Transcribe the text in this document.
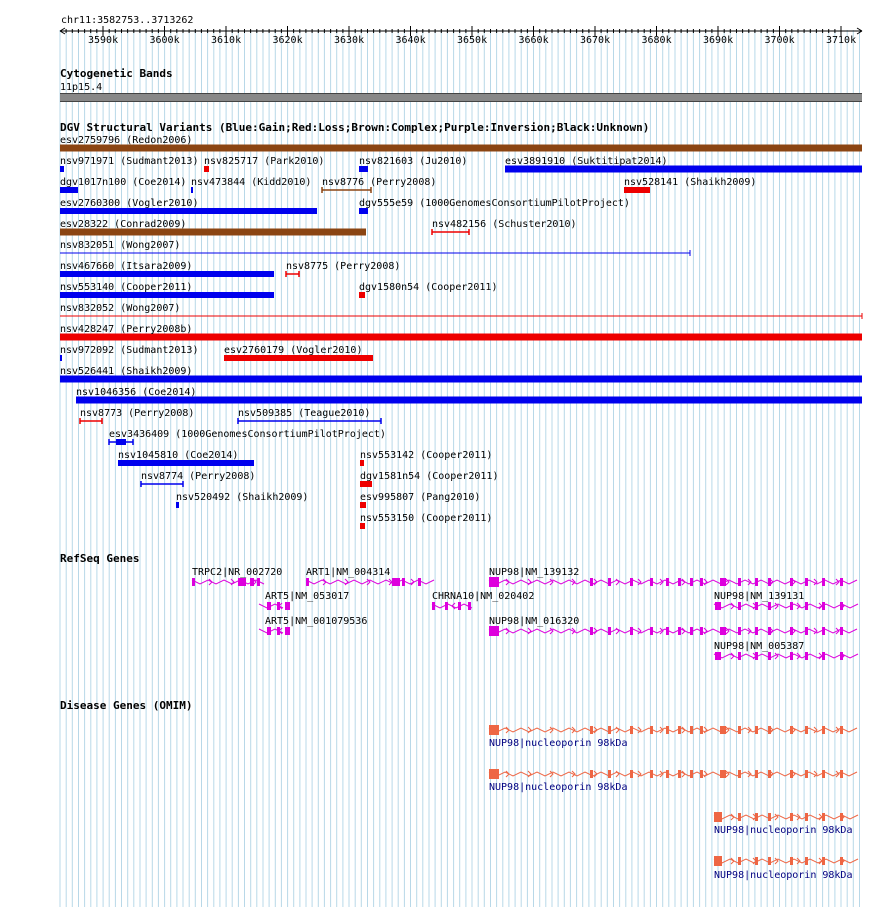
chr11:3582753..3713262
3590k	3600k	3610k	3620k	3630k	3640k	3650k	3660k	3670k	3680k	3690k	3700k	3710k
Cytogenetic Bands
11p15.4
DGV Structural Variants (Blue:Gain;Red:Loss;Brown:Complex;Purple:Inversion;Black:Unknown)
esv2759796 (Redon2006)
nsv971971 (Sudmant2013) nsv825717 (Park2010)	nsv821603 (Ju2010)	esv3891910 (Suktitipat2014)
dgv1017n100 (Coe2014) nsv473844 (Kidd2010) nsv8776 (Perry2008)	nsv528141 (Shaikh2009)
esv2760300 (Vogler2010)	dgv555e59 (1000GenomesConsortiumPilotProject)
esv28322 (Conrad2009)	nsv482156 (Schuster2010)
nsv832051 (Wong2007)
nsv467660 (Itsara2009)	nsv8775 (Perry2008)
nsv553140 (Cooper2011)	dgv1580n54 (Cooper2011)
nsv832052 (Wong2007)
nsv428247 (Perry2008b)
nsv972092 (Sudmant2013)	esv2760179 (Vogler2010)
nsv526441 (Shaikh2009)
nsv1046356 (Coe2014)
nsv8773 (Perry2008)	nsv509385 (Teague2010)
esv3436409 (1000GenomesConsortiumPilotProject)
nsv1045810 (Coe2014)	nsv553142 (Cooper2011)
nsv8774 (Perry2008)	dgv1581n54 (Cooper2011)
nsv520492 (Shaikh2009)	esv995807 (Pang2010)
nsv553150 (Cooper2011)
RefSeq Genes
TRPC2|NR_002720 ART1|NM_004314	NUP98|NM_139132
ART5|NM_053017	CHRNA10|NM_020402	NUP98|NM_139131
ART5|NM_001079536	NUP98|NM_016320
NUP98|NM_005387
Disease Genes (OMIM)
NUP98|nucleoporin 98kDa
NUP98|nucleoporin 98kDa
NUP98|nucleoporin 98kDa
NUP98|nucleoporin 98kDa
